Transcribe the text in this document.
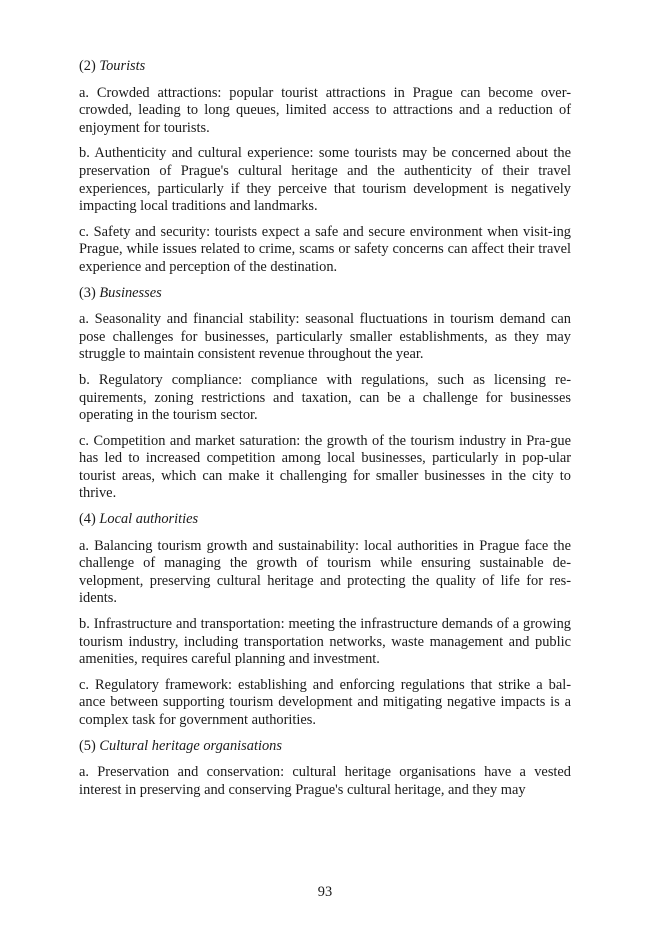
(2) Tourists

a. Crowded attractions: popular tourist attractions in Prague can become over-crowded, leading to long queues, limited access to attractions and a reduction of enjoyment for tourists.

b. Authenticity and cultural experience: some tourists may be concerned about the preservation of Prague's cultural heritage and the authenticity of their travel experiences, particularly if they perceive that tourism development is negatively impacting local traditions and landmarks.

c. Safety and security: tourists expect a safe and secure environment when visit-ing Prague, while issues related to crime, scams or safety concerns can affect their travel experience and perception of the destination.

(3) Businesses

a. Seasonality and financial stability: seasonal fluctuations in tourism demand can pose challenges for businesses, particularly smaller establishments, as they may struggle to maintain consistent revenue throughout the year.

b. Regulatory compliance: compliance with regulations, such as licensing re-quirements, zoning restrictions and taxation, can be a challenge for businesses operating in the tourism sector.

c. Competition and market saturation: the growth of the tourism industry in Pra-gue has led to increased competition among local businesses, particularly in pop-ular tourist areas, which can make it challenging for smaller businesses in the city to thrive.

(4) Local authorities

a. Balancing tourism growth and sustainability: local authorities in Prague face the challenge of managing the growth of tourism while ensuring sustainable de-velopment, preserving cultural heritage and protecting the quality of life for res-idents.

b. Infrastructure and transportation: meeting the infrastructure demands of a growing tourism industry, including transportation networks, waste management and public amenities, requires careful planning and investment.

c. Regulatory framework: establishing and enforcing regulations that strike a bal-ance between supporting tourism development and mitigating negative impacts is a complex task for government authorities.

(5) Cultural heritage organisations

a. Preservation and conservation: cultural heritage organisations have a vested interest in preserving and conserving Prague's cultural heritage, and they may

93
